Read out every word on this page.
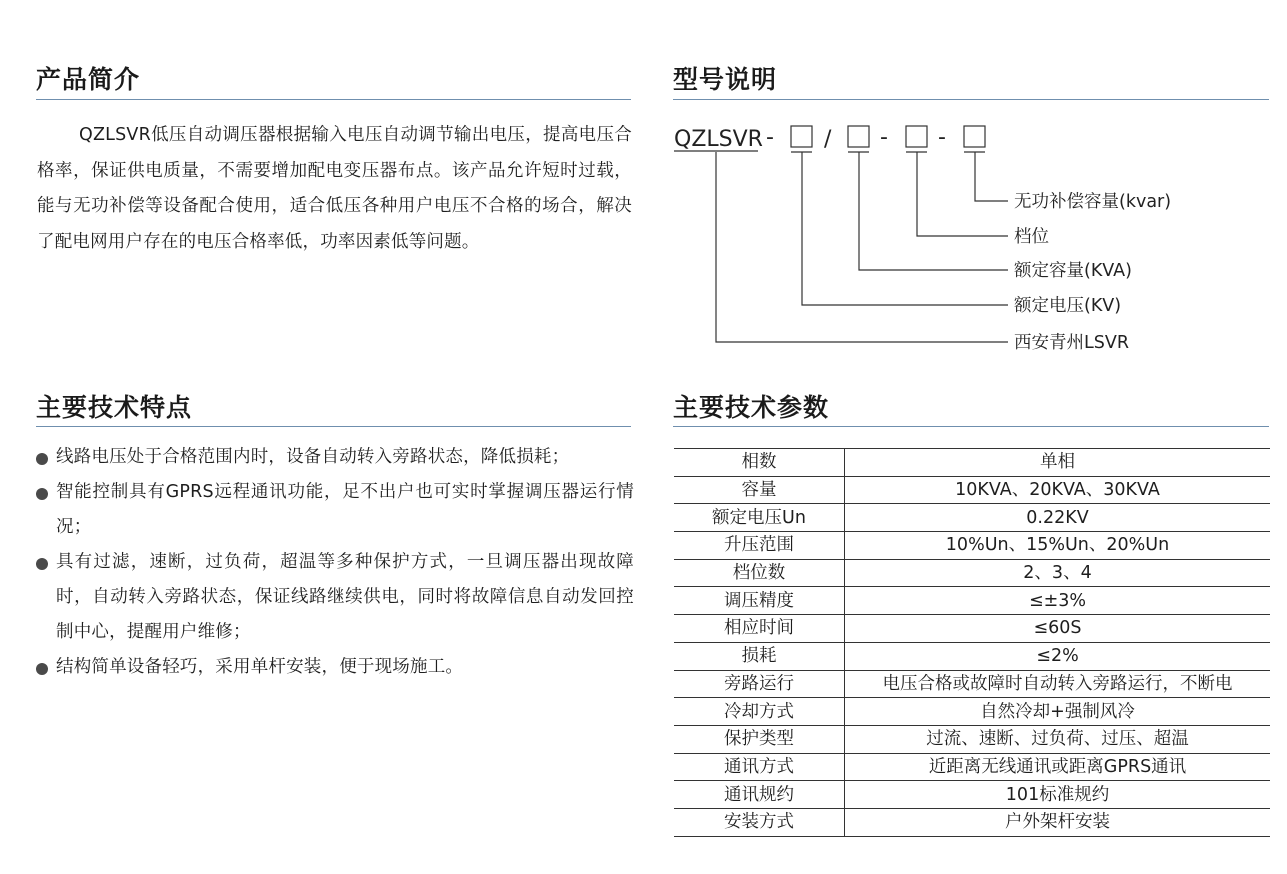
产品简介

QZLSVR低压自动调压器根据输入电压自动调节输出电压，提高电压合格率，保证供电质量，不需要增加配电变压器布点。该产品允许短时过载，能与无功补偿等设备配合使用，适合低压各种用户电压不合格的场合，解决了配电网用户存在的电压合格率低，功率因素低等问题。

型号说明
QZLSVR - / - -
无功补偿容量(kvar)
档位
额定容量(KVA)
额定电压(KV)
西安青州LSVR
主要技术特点
线路电压处于合格范围内时，设备自动转入旁路状态，降低损耗；
智能控制具有GPRS远程通讯功能，足不出户也可实时掌握调压器运行情况；
具有过滤，速断，过负荷，超温等多种保护方式，一旦调压器出现故障时，自动转入旁路状态，保证线路继续供电，同时将故障信息自动发回控制中心，提醒用户维修；
结构简单设备轻巧，采用单杆安装，便于现场施工。
主要技术参数
相数	单相
容量	10KVA、20KVA、30KVA
额定电压Un	0.22KV
升压范围	10%Un、15%Un、20%Un
档位数	2、3、4
调压精度	≤±3%
相应时间	≤60S
损耗	≤2%
旁路运行	电压合格或故障时自动转入旁路运行，不断电
冷却方式	自然冷却+强制风冷
保护类型	过流、速断、过负荷、过压、超温
通讯方式	近距离无线通讯或距离GPRS通讯
通讯规约	101标准规约
安装方式	户外架杆安装
